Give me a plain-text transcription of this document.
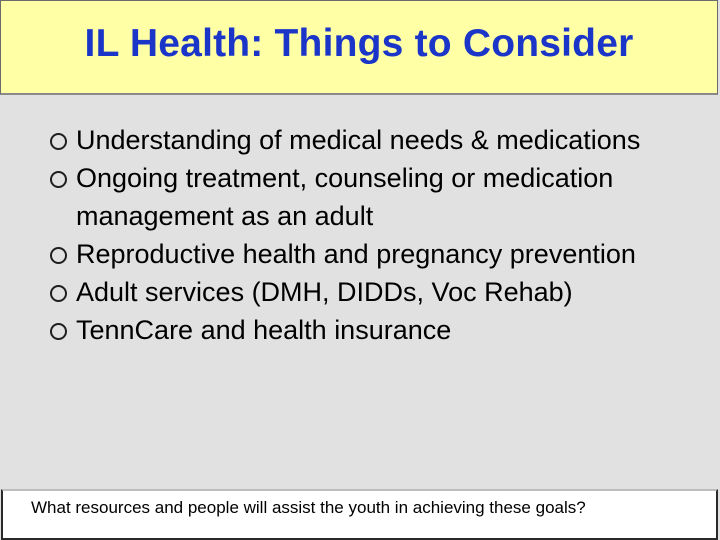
IL Health: Things to Consider
Understanding of medical needs & medications
Ongoing treatment, counseling or medication management as an adult
Reproductive health and pregnancy prevention
Adult services (DMH, DIDDs, Voc Rehab)
TennCare and health insurance
What resources and people will assist the youth in achieving these goals?
